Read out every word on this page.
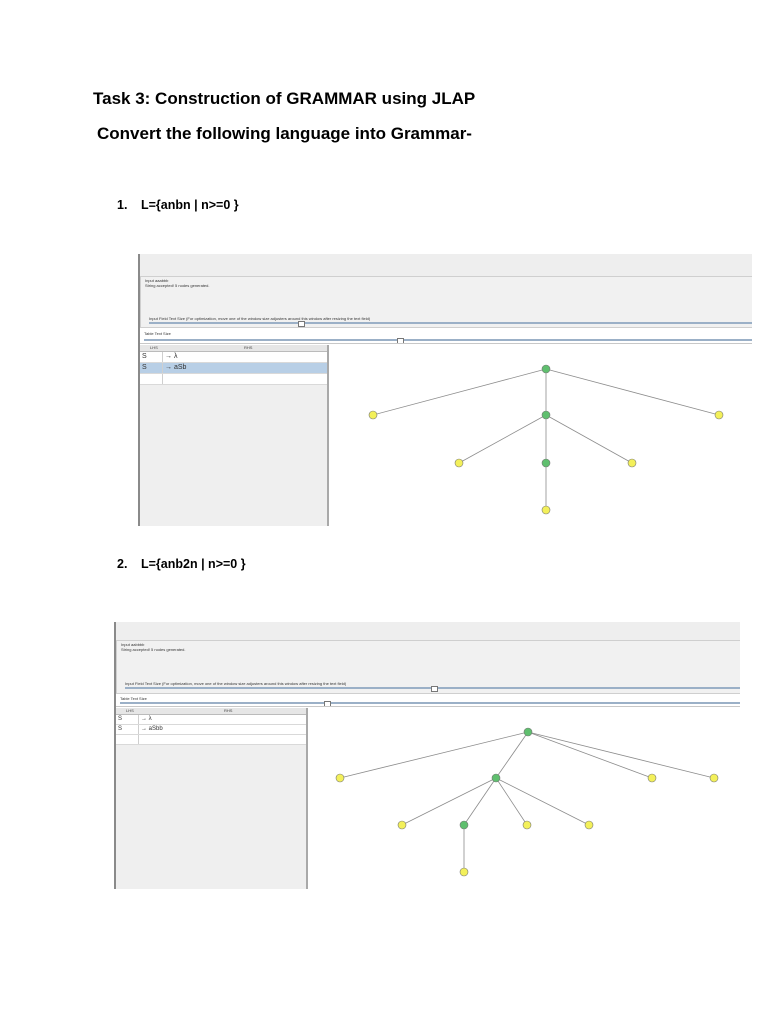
Task 3: Construction of GRAMMAR using JLAP
Convert the following language into Grammar-
1. L={anbn | n>=0 }
Input aaabbb
String accepted! 5 nodes generated.
Input Field Text Size (For optimization, move one of the window size adjusters around this window after resizing the text field)
Table Text Size
LHS	RHS
S	→ λ
S	→ aSb
2. L={anb2n | n>=0 }
Input aabbbb
String accepted! 5 nodes generated.
Input Field Text Size (For optimization, move one of the window size adjusters around this window after resizing the text field)
Table Text Size
LHS	RHS
S	→ λ
S	→ aSbb
